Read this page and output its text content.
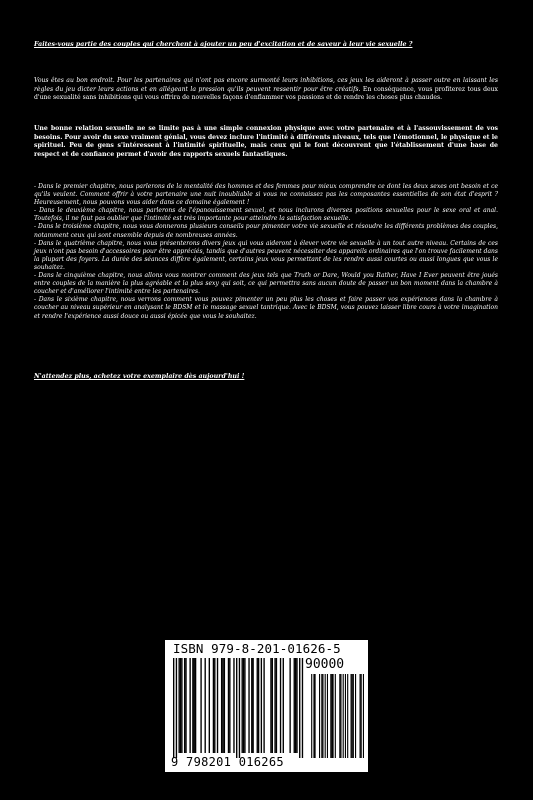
Faites-vous partie des couples qui cherchent à ajouter un peu d'excitation et de saveur à leur vie sexuelle ?

Vous êtes au bon endroit. Pour les partenaires qui n'ont pas encore surmonté leurs inhibitions, ces jeux les aideront à passer outre en laissant les règles du jeu dicter leurs actions et en allégeant la pression qu'ils peuvent ressentir pour être créatifs. En conséquence, vous profiterez tous deux d'une sexualité sans inhibitions qui vous offrira de nouvelles façons d'enflammer vos passions et de rendre les choses plus chaudes.

Une bonne relation sexuelle ne se limite pas à une simple connexion physique avec votre partenaire et à l'assouvissement de vos besoins. Pour avoir du sexe vraiment génial, vous devez inclure l'intimité à différents niveaux, tels que l'émotionnel, le physique et le spirituel. Peu de gens s'intéressent à l'intimité spirituelle, mais ceux qui le font découvrent que l'établissement d'une base de respect et de confiance permet d'avoir des rapports sexuels fantastiques.

- Dans le premier chapitre, nous parlerons de la mentalité des hommes et des femmes pour mieux comprendre ce dont les deux sexes ont besoin et ce qu'ils veulent. Comment offrir à votre partenaire une nuit inoubliable si vous ne connaissez pas les composantes essentielles de son état d'esprit ? Heureusement, nous pouvons vous aider dans ce domaine également !
- Dans le deuxième chapitre, nous parlerons de l'épanouissement sexuel, et nous inclurons diverses positions sexuelles pour le sexe oral et anal. Toutefois, il ne faut pas oublier que l'intimité est très importante pour atteindre la satisfaction sexuelle.
- Dans le troisième chapitre, nous vous donnerons plusieurs conseils pour pimenter votre vie sexuelle et résoudre les différents problèmes des couples, notamment ceux qui sont ensemble depuis de nombreuses années.
- Dans le quatrième chapitre, nous vous présenterons divers jeux qui vous aideront à élever votre vie sexuelle à un tout autre niveau. Certains de ces jeux n'ont pas besoin d'accessoires pour être appréciés, tandis que d'autres peuvent nécessiter des appareils ordinaires que l'on trouve facilement dans la plupart des foyers. La durée des séances diffère également, certains jeux vous permettant de les rendre aussi courtes ou aussi longues que vous le souhaitez.
- Dans le cinquième chapitre, nous allons vous montrer comment des jeux tels que Truth or Dare, Would you Rather, Have I Ever peuvent être joués entre couples de la manière la plus agréable et la plus sexy qui soit, ce qui permettra sans aucun doute de passer un bon moment dans la chambre à coucher et d'améliorer l'intimité entre les partenaires.
- Dans le sixième chapitre, nous verrons comment vous pouvez pimenter un peu plus les choses et faire passer vos expériences dans la chambre à coucher au niveau supérieur en analysant le BDSM et le massage sexuel tantrique. Avec le BDSM, vous pouvez laisser libre cours à votre imagination et rendre l'expérience aussi douce ou aussi épicée que vous le souhaitez.

N'attendez plus, achetez votre exemplaire dès aujourd'hui !

ISBN 979-8-201-01626-5
90000
9 798201 016265
